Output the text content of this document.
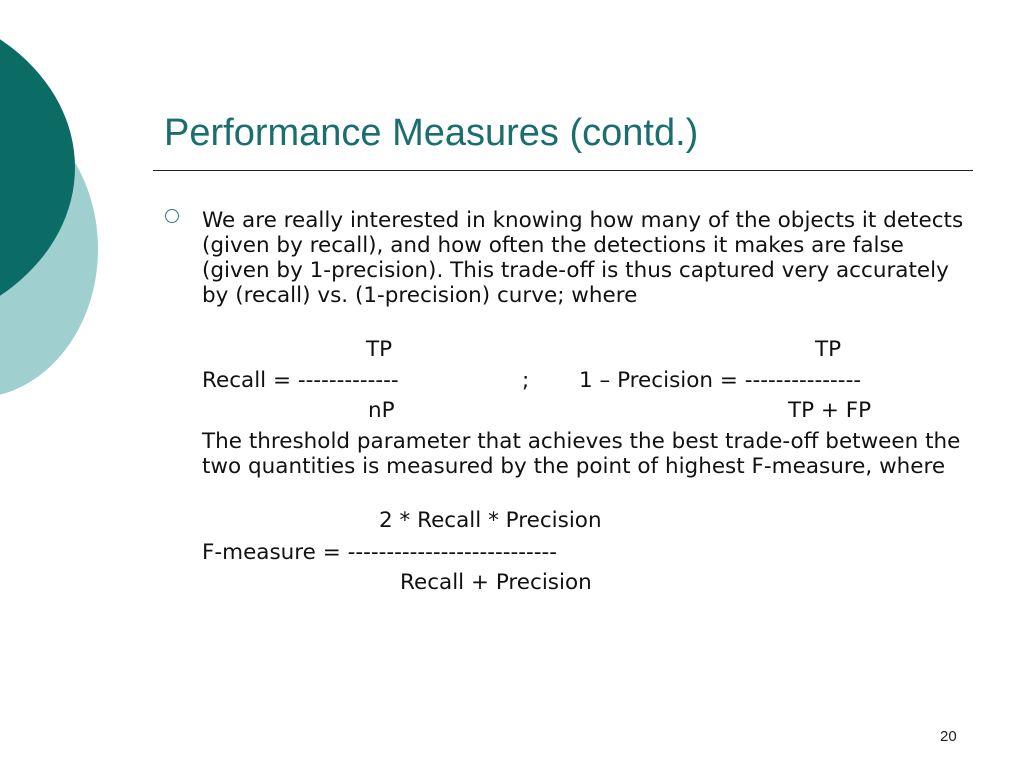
Performance Measures (contd.)
We are really interested in knowing how many of the objects it detects (given by recall), and how often the detections it makes are false (given by 1-precision). This trade-off is thus captured very accurately by (recall) vs. (1-precision) curve; where
TP	TP
Recall = -------------	; 1 – Precision = ---------------
nP	TP + FP
The threshold parameter that achieves the best trade-off between the two quantities is measured by the point of highest F-measure, where
2 * Recall * Precision
F-measure = ---------------------------
Recall + Precision
20
